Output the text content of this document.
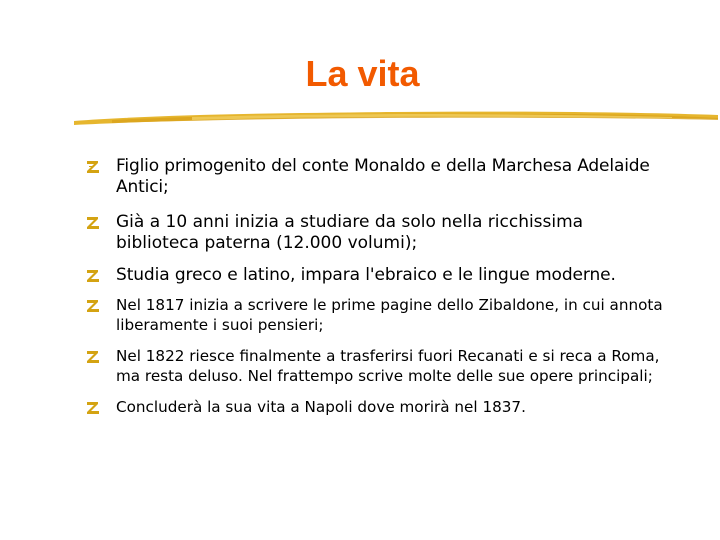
La vita
Figlio primogenito del conte Monaldo e della Marchesa Adelaide
Antici;
Già a 10 anni inizia a studiare da solo nella ricchissima
biblioteca paterna (12.000 volumi);
Studia greco e latino, impara l'ebraico e le lingue moderne.
Nel 1817 inizia a scrivere le prime pagine dello Zibaldone, in cui annota
liberamente i suoi pensieri;
Nel 1822 riesce finalmente a trasferirsi fuori Recanati e si reca a Roma,
ma resta deluso. Nel frattempo scrive molte delle sue opere principali;
Concluderà la sua vita a Napoli dove morirà nel 1837.
